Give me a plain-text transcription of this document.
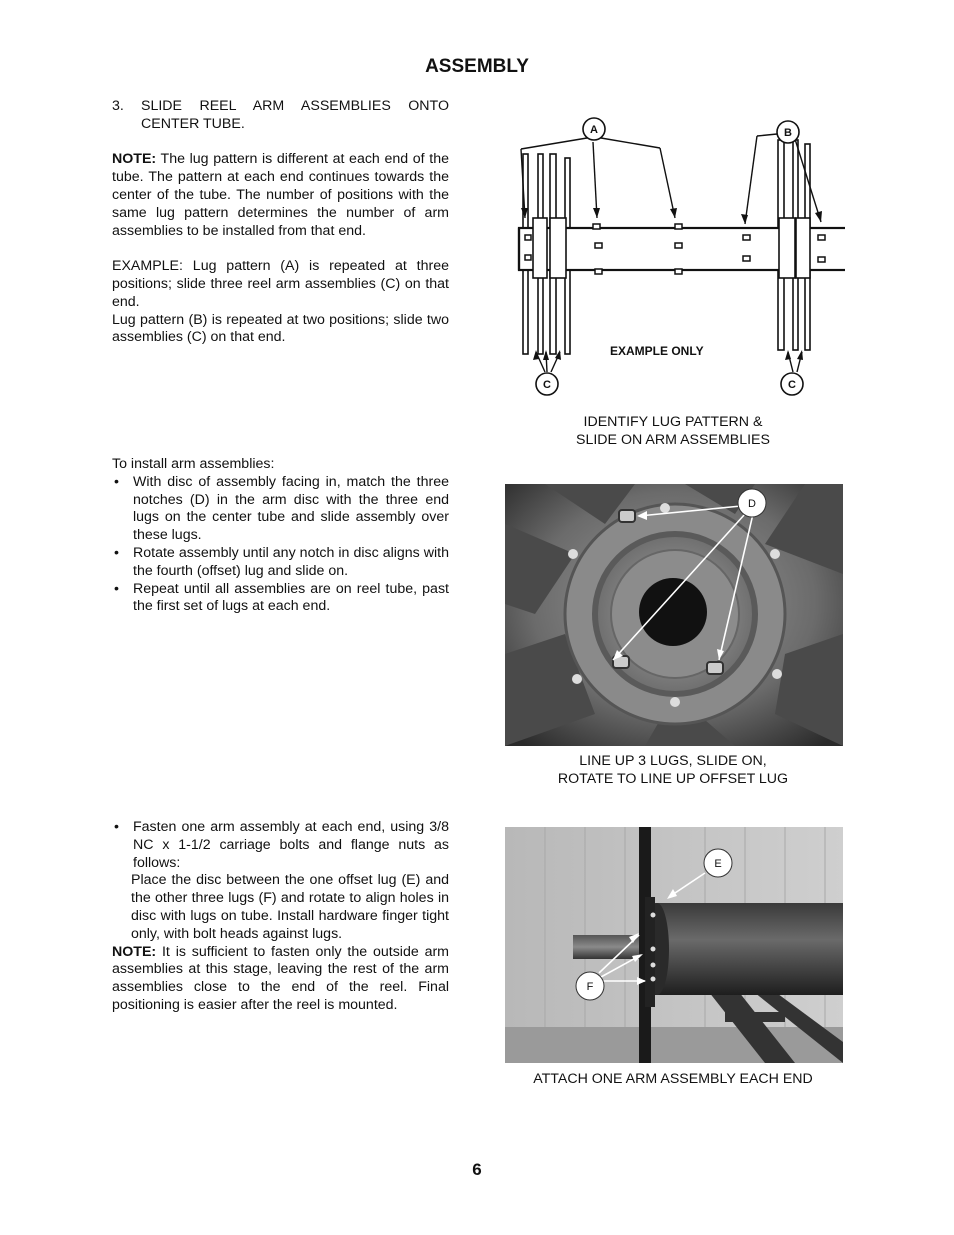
ASSEMBLY
3.	SLIDE REEL ARM ASSEMBLIES ONTO CENTER TUBE.

NOTE: The lug pattern is different at each end of the tube. The pattern at each end continues towards the center of the tube. The number of positions with the same lug pattern determines the number of arm assemblies to be installed from that end.

EXAMPLE: Lug pattern (A) is repeated at three positions; slide three reel arm assemblies (C) on that end.

Lug pattern (B) is repeated at two positions; slide two assemblies (C) on that end.

To install arm assemblies:

• With disc of assembly facing in, match the three notches (D) in the arm disc with the three end lugs on the center tube and slide assembly over these lugs.
• Rotate assembly until any notch in disc aligns with the fourth (offset) lug and slide on.
• Repeat until all assemblies are on reel tube, past the first set of lugs at each end.
• Fasten one arm assembly at each end, using 3/8 NC x 1-1/2 carriage bolts and flange nuts as follows:

Place the disc between the one offset lug (E) and the other three lugs (F) and rotate to align holes in disc with lugs on tube. Install hardware finger tight only, with bolt heads against lugs.

NOTE: It is sufficient to fasten only the outside arm assemblies at this stage, leaving the rest of the arm assemblies close to the end of the reel. Final positioning is easier after the reel is mounted.

A	B
C	C
EXAMPLE ONLY
IDENTIFY LUG PATTERN &
SLIDE ON ARM ASSEMBLIES
D
LINE UP 3 LUGS, SLIDE ON,
ROTATE TO LINE UP OFFSET LUG
E
F
ATTACH ONE ARM ASSEMBLY EACH END
6
